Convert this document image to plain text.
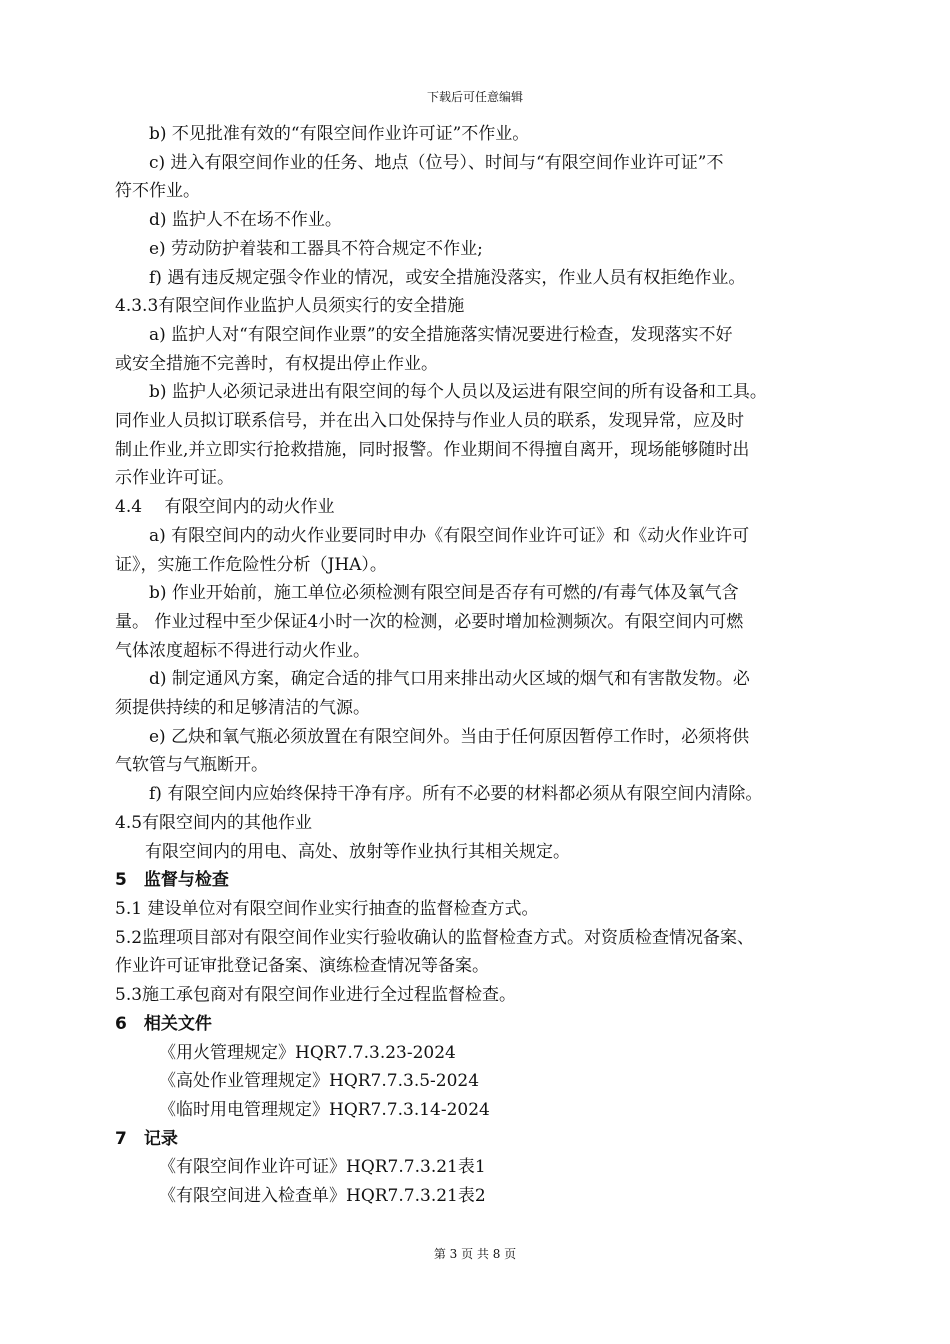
下载后可任意编辑

b) 不见批准有效的“有限空间作业许可证”不作业。

c) 进入有限空间作业的任务、地点（位号）、时间与“有限空间作业许可证”不

符不作业。

d) 监护人不在场不作业。

e) 劳动防护着装和工器具不符合规定不作业;

f) 遇有违反规定强令作业的情况，或安全措施没落实，作业人员有权拒绝作业。

4.3.3有限空间作业监护人员须实行的安全措施

a) 监护人对“有限空间作业票”的安全措施落实情况要进行检查，发现落实不好

或安全措施不完善时，有权提出停止作业。

b) 监护人必须记录进出有限空间的每个人员以及运进有限空间的所有设备和工具。

同作业人员拟订联系信号，并在出入口处保持与作业人员的联系，发现异常，应及时

制止作业,并立即实行抢救措施，同时报警。作业期间不得擅自离开，现场能够随时出

示作业许可证。

4.4　 有限空间内的动火作业

a) 有限空间内的动火作业要同时申办《有限空间作业许可证》和《动火作业许可

证》，实施工作危险性分析（JHA）。

b) 作业开始前，施工单位必须检测有限空间是否存有可燃的/有毒气体及氧气含

量。 作业过程中至少保证4小时一次的检测，必要时增加检测频次。有限空间内可燃

气体浓度超标不得进行动火作业。

d) 制定通风方案，确定合适的排气口用来排出动火区域的烟气和有害散发物。必

须提供持续的和足够清洁的气源。

e) 乙炔和氧气瓶必须放置在有限空间外。当由于任何原因暂停工作时，必须将供

气软管与气瓶断开。

f) 有限空间内应始终保持干净有序。所有不必要的材料都必须从有限空间内清除。

4.5有限空间内的其他作业

有限空间内的用电、高处、放射等作业执行其相关规定。

5　监督与检查

5.1 建设单位对有限空间作业实行抽查的监督检查方式。

5.2监理项目部对有限空间作业实行验收确认的监督检查方式。对资质检查情况备案、

作业许可证审批登记备案、演练检查情况等备案。

5.3施工承包商对有限空间作业进行全过程监督检查。

6　相关文件

《用火管理规定》HQR7.7.3.23-2024

《高处作业管理规定》HQR7.7.3.5-2024

《临时用电管理规定》HQR7.7.3.14-2024

7　记录

《有限空间作业许可证》HQR7.7.3.21表1

《有限空间进入检查单》HQR7.7.3.21表2

第 3 页 共 8 页
